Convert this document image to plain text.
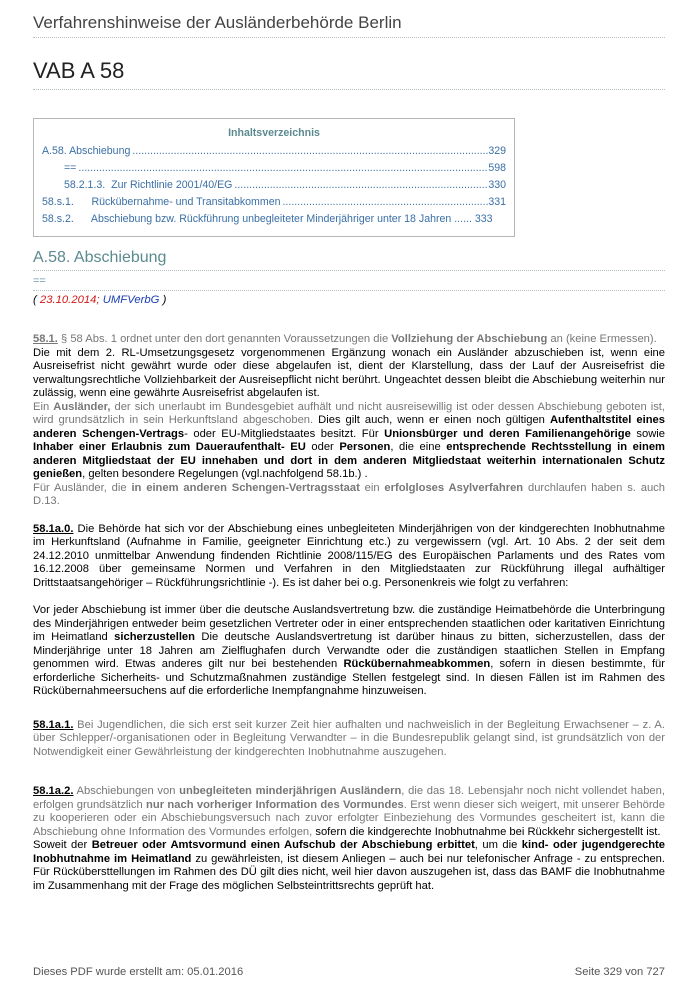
Verfahrenshinweise der Ausländerbehörde Berlin
VAB A 58
Inhaltsverzeichnis
A.58. Abschiebung .....	329
== .....	598
58.2.1.3.  Zur Richtlinie 2001/40/EG .....	330
58.s.1.      Rückübernahme- und Transitabkommen .....	331
58.s.2.      Abschiebung bzw. Rückführung unbegleiteter Minderjähriger unter 18 Jahren ...... 333
A.58. Abschiebung
==
( 23.10.2014; UMFVerbG )

58.1. § 58 Abs. 1 ordnet unter den dort genannten Voraussetzungen die Vollziehung der Abschiebung an (keine Ermessen).

Die mit dem 2. RL-Umsetzungsgesetz vorgenommenen Ergänzung wonach ein Ausländer abzuschieben ist, wenn eine Ausreisefrist nicht gewährt wurde oder diese abgelaufen ist, dient der Klarstellung, dass der Lauf der Ausreisefrist die verwaltungsrechtliche Vollziehbarkeit der Ausreisepflicht nicht berührt. Ungeachtet dessen bleibt die Abschiebung weiterhin nur zulässig, wenn eine gewährte Ausreisefrist abgelaufen ist.

Ein Ausländer, der sich unerlaubt im Bundesgebiet aufhält und nicht ausreisewillig ist oder dessen Abschiebung geboten ist, wird grundsätzlich in sein Herkunftsland abgeschoben. Dies gilt auch, wenn er einen noch gültigen Aufenthaltstitel eines anderen Schengen-Vertrags- oder EU-Mitgliedstaates besitzt. Für Unionsbürger und deren Familienangehörige sowie Inhaber einer Erlaubnis zum Daueraufenthalt- EU oder Personen, die eine entsprechende Rechtsstellung in einem anderen Mitgliedstaat der EU innehaben und dort in dem anderen Mitgliedstaat weiterhin internationalen Schutz genießen, gelten besondere Regelungen (vgl.nachfolgend 58.1b.) .

Für Ausländer, die in einem anderen Schengen-Vertragsstaat ein erfolgloses Asylverfahren durchlaufen haben s. auch D.13.

58.1a.0. Die Behörde hat sich vor der Abschiebung eines unbegleiteten Minderjährigen von der kindgerechten Inobhutnahme im Herkunftsland (Aufnahme in Familie, geeigneter Einrichtung etc.) zu vergewissern (vgl. Art. 10 Abs. 2 der seit dem 24.12.2010 unmittelbar Anwendung findenden Richtlinie 2008/115/EG des Europäischen Parlaments und des Rates vom 16.12.2008 über gemeinsame Normen und Verfahren in den Mitgliedstaaten zur Rückführung illegal aufhältiger Drittstaatsangehöriger – Rückführungsrichtlinie -). Es ist daher bei o.g. Personenkreis wie folgt zu verfahren:

Vor jeder Abschiebung ist immer über die deutsche Auslandsvertretung bzw. die zuständige Heimatbehörde die Unterbringung des Minderjährigen entweder beim gesetzlichen Vertreter oder in einer entsprechenden staatlichen oder karitativen Einrichtung im Heimatland sicherzustellen Die deutsche Auslandsvertretung ist darüber hinaus zu bitten, sicherzustellen, dass der Minderjährige unter 18 Jahren am Zielflughafen durch Verwandte oder die zuständigen staatlichen Stellen in Empfang genommen wird. Etwas anderes gilt nur bei bestehenden Rückübernahmeabkommen, sofern in diesen bestimmte, für erforderliche Sicherheits- und Schutzmaßnahmen zuständige Stellen festgelegt sind. In diesen Fällen ist im Rahmen des Rückübernahmeersuchens auf die erforderliche Inempfangnahme hinzuweisen.

58.1a.1. Bei Jugendlichen, die sich erst seit kurzer Zeit hier aufhalten und nachweislich in der Begleitung Erwachsener – z. A. über Schlepper/-organisationen oder in Begleitung Verwandter – in die Bundesrepublik gelangt sind, ist grundsätzlich von der Notwendigkeit einer Gewährleistung der kindgerechten Inobhutnahme auszugehen.

58.1a.2. Abschiebungen von unbegleiteten minderjährigen Ausländern, die das 18. Lebensjahr noch nicht vollendet haben, erfolgen grundsätzlich nur nach vorheriger Information des Vormundes. Erst wenn dieser sich weigert, mit unserer Behörde zu kooperieren oder ein Abschiebungsversuch nach zuvor erfolgter Einbeziehung des Vormundes gescheitert ist, kann die Abschiebung ohne Information des Vormundes erfolgen, sofern die kindgerechte Inobhutnahme bei Rückkehr sichergestellt ist.

Soweit der Betreuer oder Amtsvormund einen Aufschub der Abschiebung erbittet, um die kind- oder jugendgerechte Inobhutnahme im Heimatland zu gewährleisten, ist diesem Anliegen – auch bei nur telefonischer Anfrage - zu entsprechen. Für Rückübersttellungen im Rahmen des DÜ gilt dies nicht, weil hier davon auszugehen ist, dass das BAMF die Inobhutnahme im Zusammenhang mit der Frage des möglichen Selbsteintrittsrechts geprüft hat.

Dieses PDF wurde erstellt am: 05.01.2016	Seite 329 von 727
